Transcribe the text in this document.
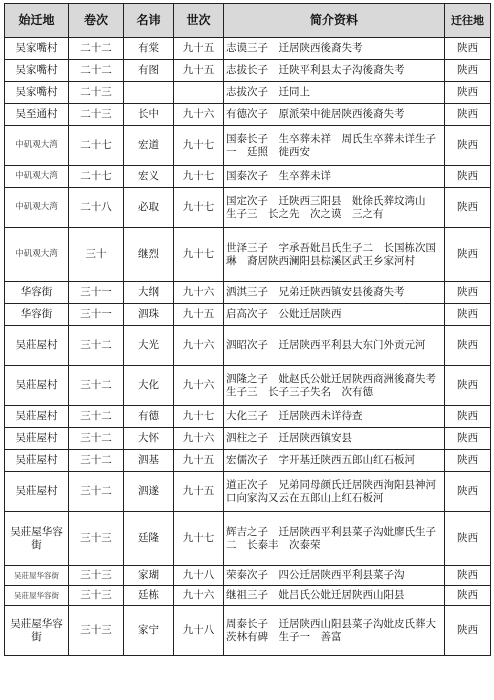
始迁地	卷次	名讳	世次	简介资料	迁往地
吴家嘴村	二十二	有棠	九十五	志谟三子　迁居陕西後裔失考	陕西
吴家嘴村	二十二	有图	九十五	志拔长子　迁陕平利县太子沟後裔失考	陕西
吴家嘴村	二十三			志拔次子　迁同上	陕西
吴至通村	二十三	长中	九十六	有德次子　原派荣中徙居陕西後裔失考	陕西
中矶观大湾	二十七	宏道	九十七	国泰长子　生卒葬未祥　周氏生卒葬未详生子一　廷照　徙西安	陕西
中矶观大湾	二十七	宏义	九十七	国泰次子　生卒葬未详	陕西
中矶观大湾	二十八	必取	九十七	国定次子　迁陕西三阳县　妣徐氏葬坟湾山　生子三　长之先　次之谟　三之有	陕西
中矶观大湾	三十	继烈	九十七	世泽三子　字承吾妣吕氏生子二　长国栋次国琳　裔居陕西澜阳县棕溪区武王乡家河村	陕西
华容街	三十一	大纲	九十六	洒淇三子　兄弟迁陕西镇安县後裔失考	陕西
华容街	三十一	泗珠	九十五	启高次子　公妣迁居陕西	陕西
吴莊屋村	三十二	大光	九十六	泗昭次子　迁居陕西平利县大东门外贡元河	陕西
吴莊屋村	三十二	大化	九十六	泗隆之子　妣赵氏公妣迁居陕西商洲後裔失考　生子三　长子三子失名　次有德	陕西
吴莊屋村	三十二	有德	九十七	大化三子　迁居陕西未详待查	陕西
吴莊屋村	三十二	大怀	九十六	泗柱之子　迁居陕西镇安县	陕西
吴莊屋村	三十二	泗基	九十五	宏儒次子　字开基迁陕西五郎山红石板河	陕西
吴莊屋村	三十二	泗遂	九十五	道正次子　兄弟同母颜氏迁居陕西洵阳县神河口向家沟又云在五郎山上红石板河	陕西
吴莊屋华容街	三十三	廷隆	九十七	辉吉之子　迁居陕西平利县菜子沟妣廖氏生子二　长泰丰　次泰荣	陕西
吴莊屋华容街	三十三	家瑚	九十八	荣泰次子　四公迁居陕西平利县菜子沟	陕西
吴莊屋华容街	三十三	廷栋	九十六	继祖三子　妣吕氏公妣迁居陕西山阳县	陕西
吴莊屋华容街	三十三	家宁	九十八	周泰长子　迁居陕西山阳县菜子沟妣皮氏葬大茨林有碑　生子一　善富	陕西
